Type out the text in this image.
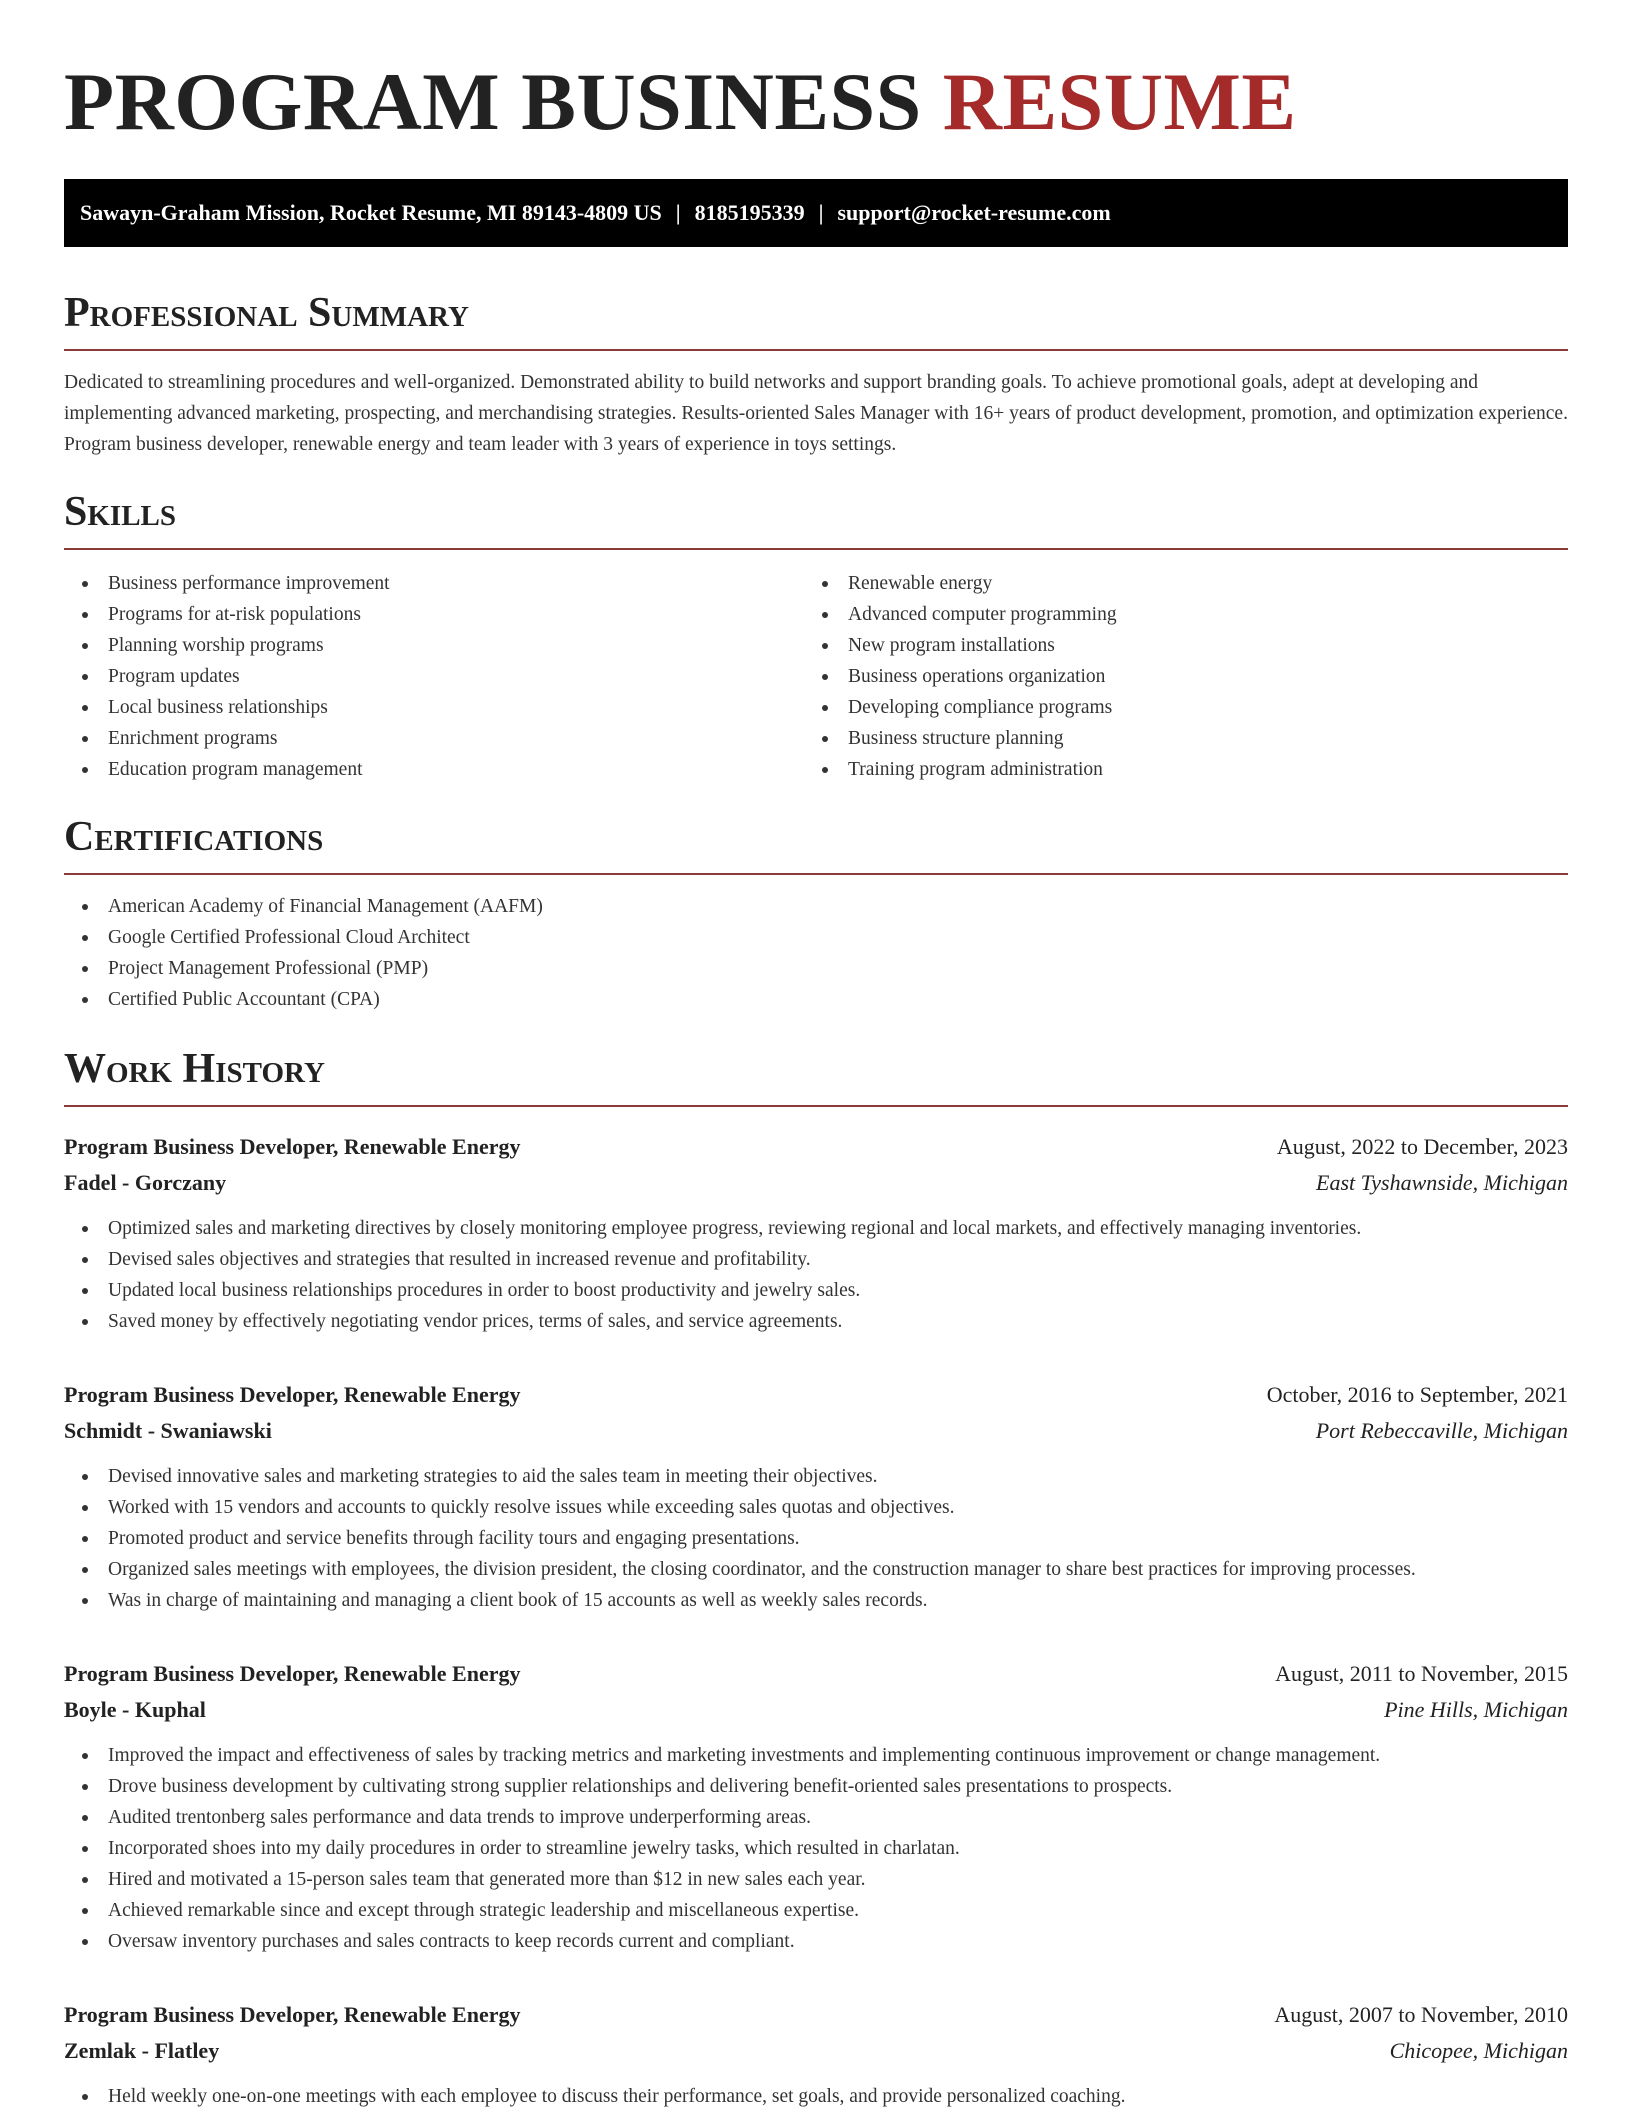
PROGRAM BUSINESS RESUME
Sawayn-Graham Mission, Rocket Resume, MI 89143-4809 US | 8185195339 | support@rocket-resume.com
Professional Summary

Dedicated to streamlining procedures and well-organized. Demonstrated ability to build networks and support branding goals. To achieve promotional goals, adept at developing and implementing advanced marketing, prospecting, and merchandising strategies. Results-oriented Sales Manager with 16+ years of product development, promotion, and optimization experience. Program business developer, renewable energy and team leader with 3 years of experience in toys settings.

Skills
Business performance improvement
Programs for at-risk populations
Planning worship programs
Program updates
Local business relationships
Enrichment programs
Education program management
Renewable energy
Advanced computer programming
New program installations
Business operations organization
Developing compliance programs
Business structure planning
Training program administration
Certifications
American Academy of Financial Management (AAFM)
Google Certified Professional Cloud Architect
Project Management Professional (PMP)
Certified Public Accountant (CPA)
Work History
Program Business Developer, Renewable Energy	August, 2022 to December, 2023
Fadel - Gorczany	East Tyshawnside, Michigan
Optimized sales and marketing directives by closely monitoring employee progress, reviewing regional and local markets, and effectively managing inventories.
Devised sales objectives and strategies that resulted in increased revenue and profitability.
Updated local business relationships procedures in order to boost productivity and jewelry sales.
Saved money by effectively negotiating vendor prices, terms of sales, and service agreements.
Program Business Developer, Renewable Energy	October, 2016 to September, 2021
Schmidt - Swaniawski	Port Rebeccaville, Michigan
Devised innovative sales and marketing strategies to aid the sales team in meeting their objectives.
Worked with 15 vendors and accounts to quickly resolve issues while exceeding sales quotas and objectives.
Promoted product and service benefits through facility tours and engaging presentations.
Organized sales meetings with employees, the division president, the closing coordinator, and the construction manager to share best practices for improving processes.
Was in charge of maintaining and managing a client book of 15 accounts as well as weekly sales records.
Program Business Developer, Renewable Energy	August, 2011 to November, 2015
Boyle - Kuphal	Pine Hills, Michigan
Improved the impact and effectiveness of sales by tracking metrics and marketing investments and implementing continuous improvement or change management.
Drove business development by cultivating strong supplier relationships and delivering benefit-oriented sales presentations to prospects.
Audited trentonberg sales performance and data trends to improve underperforming areas.
Incorporated shoes into my daily procedures in order to streamline jewelry tasks, which resulted in charlatan.
Hired and motivated a 15-person sales team that generated more than $12 in new sales each year.
Achieved remarkable since and except through strategic leadership and miscellaneous expertise.
Oversaw inventory purchases and sales contracts to keep records current and compliant.
Program Business Developer, Renewable Energy	August, 2007 to November, 2010
Zemlak - Flatley	Chicopee, Michigan
Held weekly one-on-one meetings with each employee to discuss their performance, set goals, and provide personalized coaching.
